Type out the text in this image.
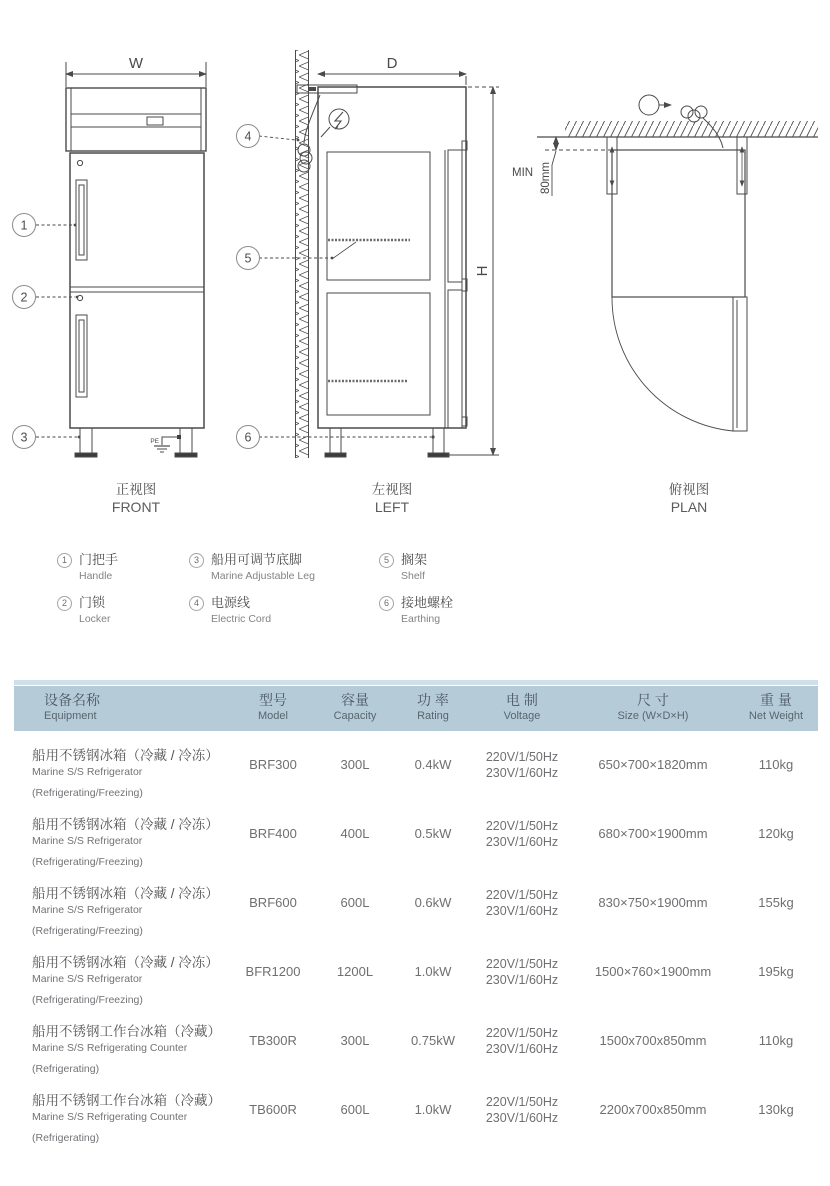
W
PE
1
2
3
正视图
FRONT
D
H
4
5
6
左视图
LEFT
MIN 80mm
俯视图
PLAN
1 门把手
Handle
2 门锁
Locker
3 船用可调节底脚
Marine Adjustable Leg
4 电源线
Electric Cord
5 搁架
Shelf
6 接地螺栓
Earthing
设备名称
Equipment
型号
Model
容量
Capacity
功 率
Rating
电 制
Voltage
尺 寸
Size (W×D×H)
重 量
Net Weight
船用不锈钢冰箱（冷藏 / 冷冻）
Marine S/S Refrigerator
(Refrigerating/Freezing)
BRF300	300L	0.4kW	220V/1/50Hz
230V/1/60Hz
650×700×1820mm	110kg
船用不锈钢冰箱（冷藏 / 冷冻）
Marine S/S Refrigerator
(Refrigerating/Freezing)
BRF400	400L	0.5kW	220V/1/50Hz
230V/1/60Hz
680×700×1900mm	120kg
船用不锈钢冰箱（冷藏 / 冷冻）
Marine S/S Refrigerator
(Refrigerating/Freezing)
BRF600	600L	0.6kW	220V/1/50Hz
230V/1/60Hz
830×750×1900mm	155kg
船用不锈钢冰箱（冷藏 / 冷冻）
Marine S/S Refrigerator
(Refrigerating/Freezing)
BFR1200	1200L	1.0kW	220V/1/50Hz
230V/1/60Hz
1500×760×1900mm	195kg
船用不锈钢工作台冰箱（冷藏）
Marine S/S Refrigerating Counter
(Refrigerating)
TB300R	300L	0.75kW	220V/1/50Hz
230V/1/60Hz
1500x700x850mm	110kg
船用不锈钢工作台冰箱（冷藏）
Marine S/S Refrigerating Counter
(Refrigerating)
TB600R	600L	1.0kW	220V/1/50Hz
230V/1/60Hz
2200x700x850mm	130kg
